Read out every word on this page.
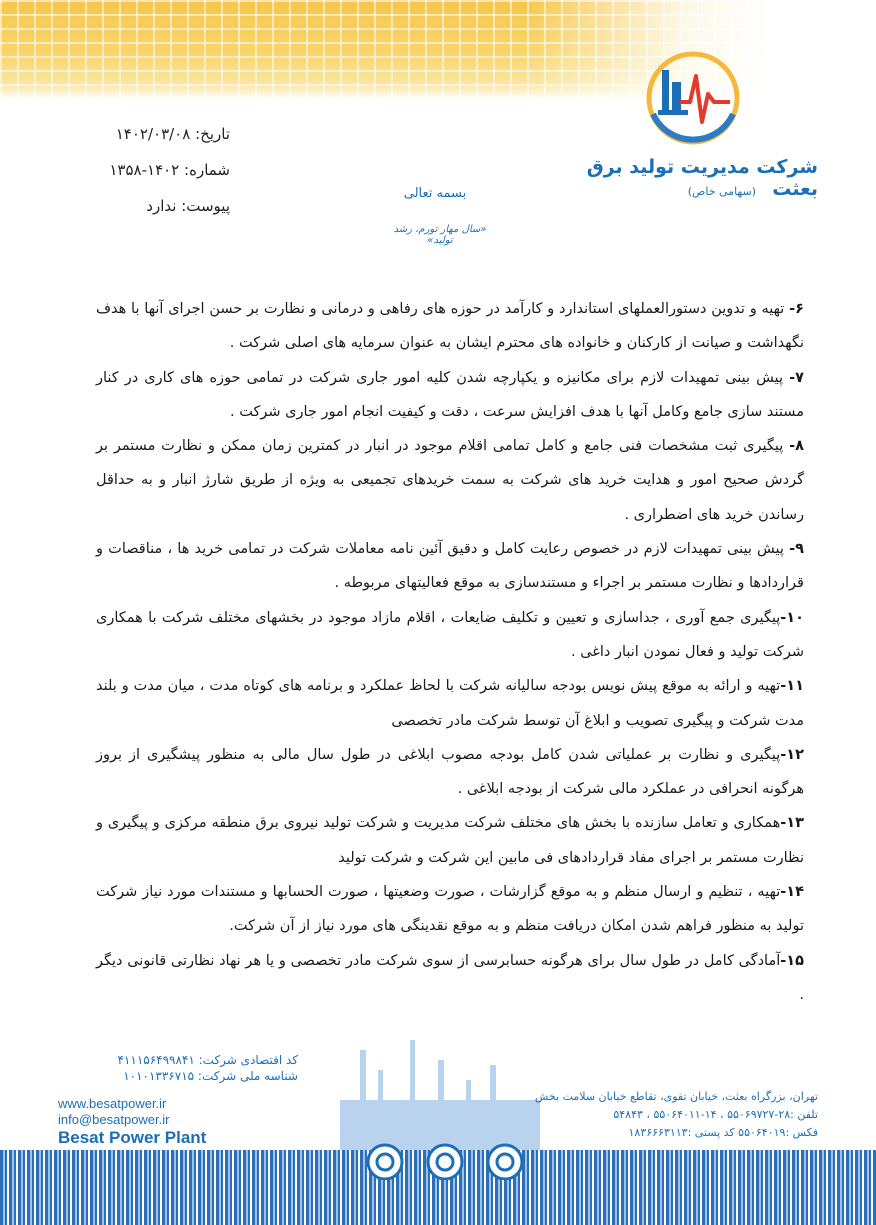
شرکت مدیریت تولید برق بعثت
(سهامی خاص)
تاریخ: ۱۴۰۲/۰۳/۰۸
شماره: ۱۴۰۲-۱۳۵۸
پیوست: ندارد
بسمه تعالی
«سال مهار تورم، رشد تولید»

۶- تهیه و تدوین دستورالعملهای استاندارد و کارآمد در حوزه های رفاهی و درمانی و نظارت بر حسن اجرای آنها با هدف نگهداشت و صیانت از کارکنان و خانواده های محترم ایشان به عنوان سرمایه های اصلی شرکت .

۷- پیش بینی تمهیدات لازم برای مکانیزه و یکپارچه شدن کلیه امور جاری شرکت در تمامی حوزه های کاری در کنار مستند سازی جامع وکامل آنها با هدف افزایش سرعت ، دقت و کیفیت انجام امور جاری شرکت .

۸- پیگیری ثبت مشخصات فنی جامع و کامل تمامی اقلام موجود در انبار در کمترین زمان ممکن و نظارت مستمر بر گردش صحیح امور و هدایت خرید های شرکت به سمت خریدهای تجمیعی به ویژه از طریق شارژ انبار و به حداقل رساندن خرید های اضطراری .

۹- پیش بینی تمهیدات لازم در خصوص رعایت کامل و دقیق آئین نامه معاملات شرکت در تمامی خرید ها ، مناقصات و قراردادها و نظارت مستمر بر اجراء و مستندسازی به موقع فعالیتهای مربوطه .

۱۰-پیگیری جمع آوری ، جداسازی و تعیین و تکلیف ضایعات ، اقلام مازاد موجود در بخشهای مختلف شرکت با همکاری شرکت تولید و فعال نمودن انبار داغی .

۱۱-تهیه و ارائه به موقع پیش نویس بودجه سالیانه شرکت با لحاظ عملکرد و برنامه های کوتاه مدت ، میان مدت و بلند مدت شرکت و پیگیری تصویب و ابلاغ آن توسط شرکت مادر تخصصی

۱۲-پیگیری و نظارت بر عملیاتی شدن کامل بودجه مصوب ابلاغی در طول سال مالی به منظور پیشگیری از بروز هرگونه انحرافی در عملکرد مالی شرکت از بودجه ابلاغی .

۱۳-همکاری و تعامل سازنده با بخش های مختلف شرکت مدیریت و شرکت تولید نیروی برق منطقه مرکزی و پیگیری و نظارت مستمر بر اجرای مفاد قراردادهای فی مابین این شرکت و شرکت تولید

۱۴-تهیه ، تنظیم و ارسال منظم و به موقع گزارشات ، صورت وضعیتها ، صورت الحسابها و مستندات مورد نیاز شرکت تولید به منظور فراهم شدن امکان دریافت منظم و به موقع نقدینگی های مورد نیاز از آن شرکت.

۱۵-آمادگی کامل در طول سال برای هرگونه حسابرسی از سوی شرکت مادر تخصصی و یا هر نهاد نظارتی قانونی دیگر .

کد اقتصادی شرکت: ۴۱۱۱۵۶۴۹۹۸۴۱
شناسه ملی شرکت: ۱۰۱۰۱۳۳۶۷۱۵
www.besatpower.ir
info@besatpower.ir
Besat Power Plant
تهران، بزرگراه بعثت، خیابان تقوی، تقاطع خیابان سلامت بخش
تلفن :۲۸-۵۵۰۶۹۷۲۷ ، ۱۴-۵۵۰۶۴۰۱۱ ، ۵۴۸۴۳
فکس :۵۵۰۶۴۰۱۹ کد پستی :۱۸۳۶۶۶۳۱۱۳
